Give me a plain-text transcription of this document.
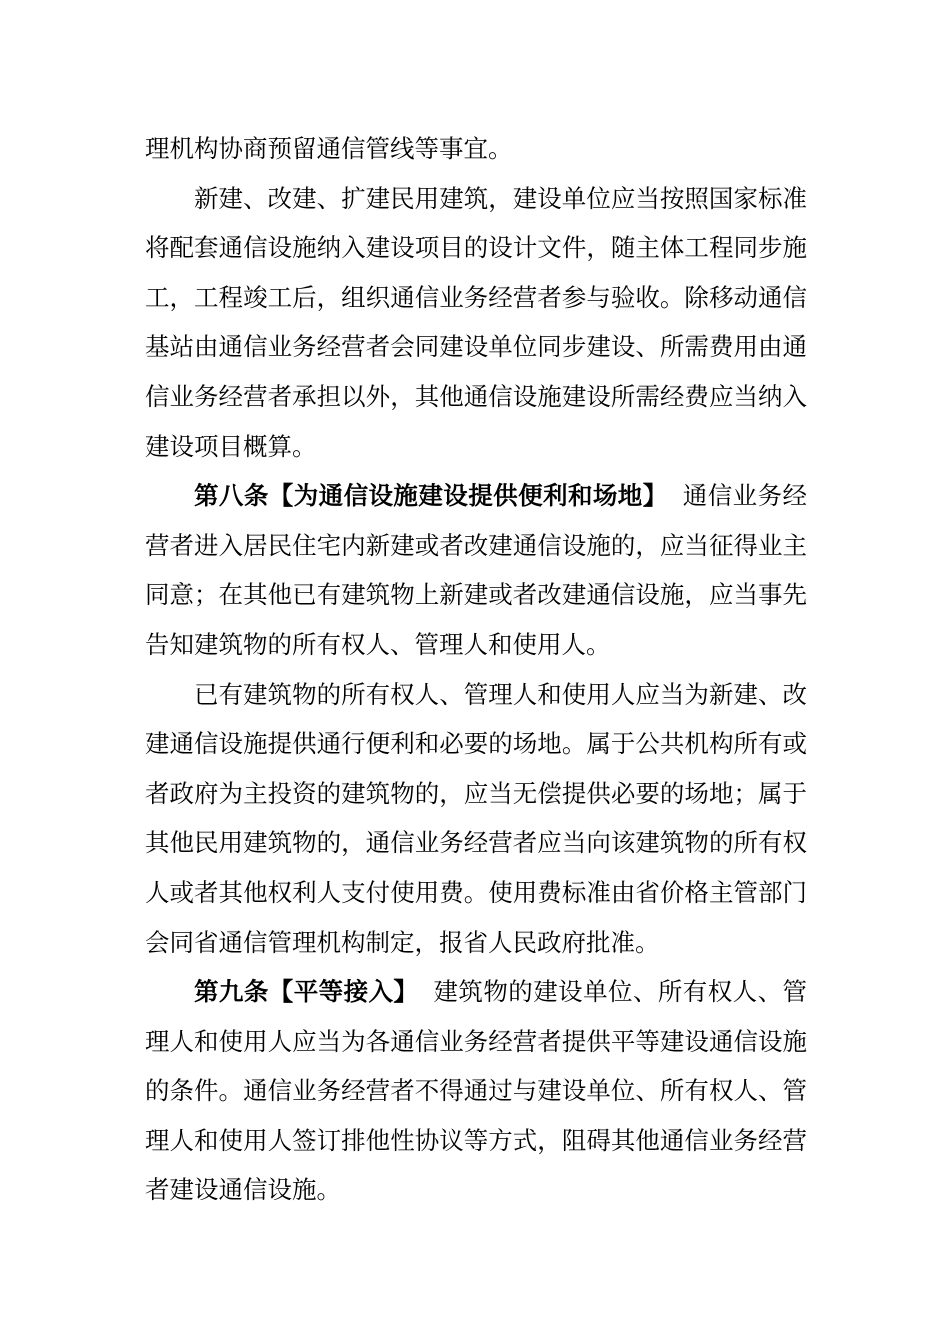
理机构协商预留通信管线等事宜。

新建、改建、扩建民用建筑，建设单位应当按照国家标准将配套通信设施纳入建设项目的设计文件，随主体工程同步施工，工程竣工后，组织通信业务经营者参与验收。除移动通信基站由通信业务经营者会同建设单位同步建设、所需费用由通信业务经营者承担以外，其他通信设施建设所需经费应当纳入建设项目概算。

第八条【为通信设施建设提供便利和场地】 通信业务经营者进入居民住宅内新建或者改建通信设施的，应当征得业主同意；在其他已有建筑物上新建或者改建通信设施，应当事先告知建筑物的所有权人、管理人和使用人。

已有建筑物的所有权人、管理人和使用人应当为新建、改建通信设施提供通行便利和必要的场地。属于公共机构所有或者政府为主投资的建筑物的，应当无偿提供必要的场地；属于其他民用建筑物的，通信业务经营者应当向该建筑物的所有权人或者其他权利人支付使用费。使用费标准由省价格主管部门会同省通信管理机构制定，报省人民政府批准。

第九条【平等接入】 建筑物的建设单位、所有权人、管理人和使用人应当为各通信业务经营者提供平等建设通信设施的条件。通信业务经营者不得通过与建设单位、所有权人、管理人和使用人签订排他性协议等方式，阻碍其他通信业务经营者建设通信设施。
